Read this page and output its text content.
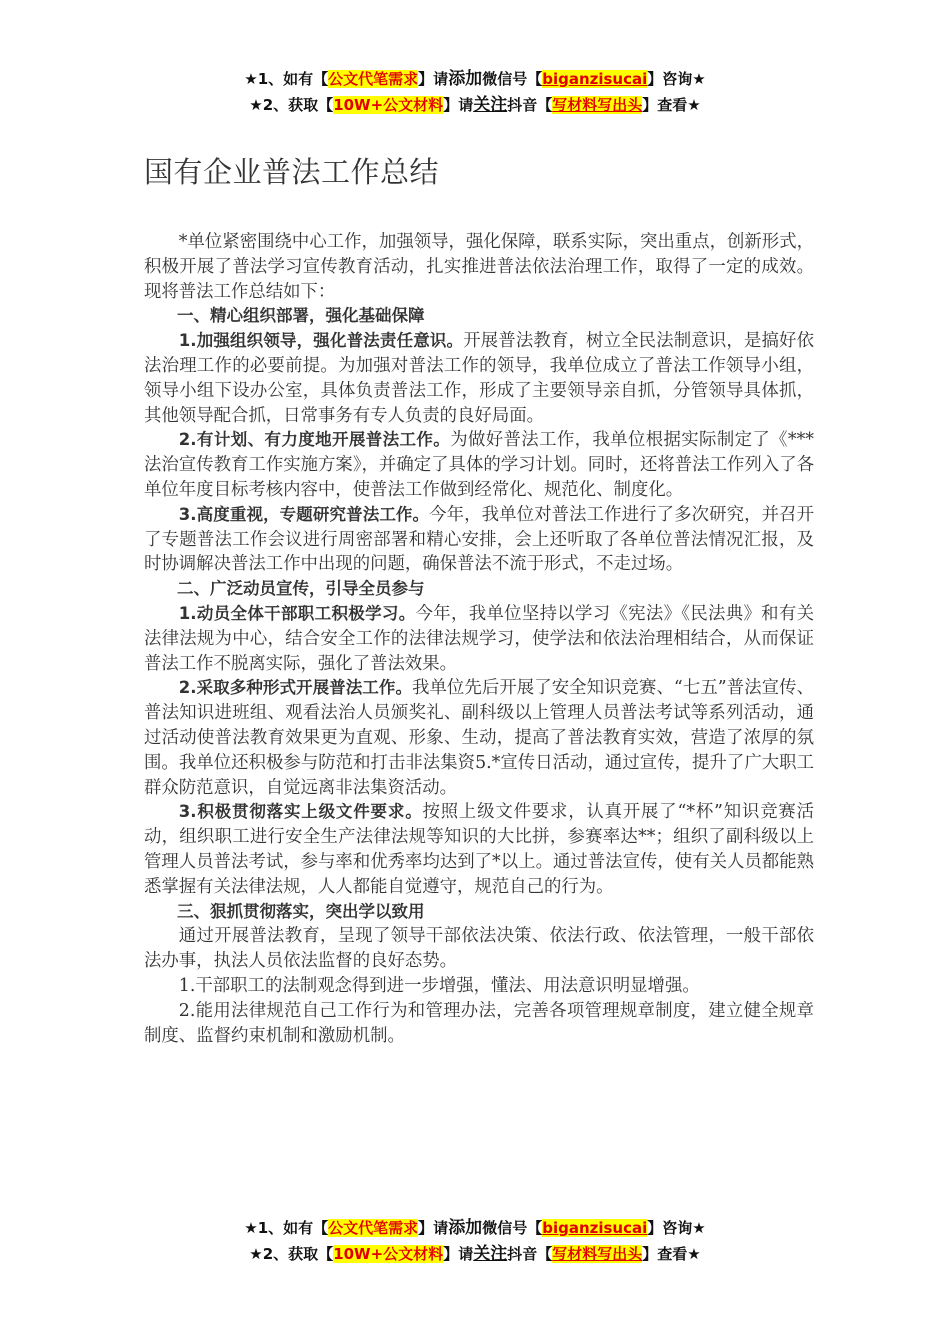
★1、如有【公文代笔需求】请添加微信号【biganzisucai】咨询★
★2、获取【10W+公文材料】请关注抖音【写材料写出头】查看★
国有企业普法工作总结

*单位紧密围绕中心工作，加强领导，强化保障，联系实际，突出重点，创新形式，积极开展了普法学习宣传教育活动，扎实推进普法依法治理工作，取得了一定的成效。现将普法工作总结如下：

一、精心组织部署，强化基础保障

1.加强组织领导，强化普法责任意识。开展普法教育，树立全民法制意识，是搞好依法治理工作的必要前提。为加强对普法工作的领导，我单位成立了普法工作领导小组，领导小组下设办公室，具体负责普法工作，形成了主要领导亲自抓，分管领导具体抓，其他领导配合抓，日常事务有专人负责的良好局面。

2.有计划、有力度地开展普法工作。为做好普法工作，我单位根据实际制定了《***法治宣传教育工作实施方案》，并确定了具体的学习计划。同时，还将普法工作列入了各单位年度目标考核内容中，使普法工作做到经常化、规范化、制度化。

3.高度重视，专题研究普法工作。今年，我单位对普法工作进行了多次研究，并召开了专题普法工作会议进行周密部署和精心安排，会上还听取了各单位普法情况汇报，及时协调解决普法工作中出现的问题，确保普法不流于形式，不走过场。

二、广泛动员宣传，引导全员参与

1.动员全体干部职工积极学习。今年，我单位坚持以学习《宪法》《民法典》和有关法律法规为中心，结合安全工作的法律法规学习，使学法和依法治理相结合，从而保证普法工作不脱离实际，强化了普法效果。

2.采取多种形式开展普法工作。我单位先后开展了安全知识竞赛、“七五”普法宣传、普法知识进班组、观看法治人员颁奖礼、副科级以上管理人员普法考试等系列活动，通过活动使普法教育效果更为直观、形象、生动，提高了普法教育实效，营造了浓厚的氛围。我单位还积极参与防范和打击非法集资5.*宣传日活动，通过宣传，提升了广大职工群众防范意识，自觉远离非法集资活动。

3.积极贯彻落实上级文件要求。按照上级文件要求，认真开展了“*杯”知识竞赛活动，组织职工进行安全生产法律法规等知识的大比拼，参赛率达**；组织了副科级以上管理人员普法考试，参与率和优秀率均达到了*以上。通过普法宣传，使有关人员都能熟悉掌握有关法律法规，人人都能自觉遵守，规范自己的行为。

三、狠抓贯彻落实，突出学以致用

通过开展普法教育，呈现了领导干部依法决策、依法行政、依法管理，一般干部依法办事，执法人员依法监督的良好态势。

1.干部职工的法制观念得到进一步增强，懂法、用法意识明显增强。

2.能用法律规范自己工作行为和管理办法，完善各项管理规章制度，建立健全规章制度、监督约束机制和激励机制。

★1、如有【公文代笔需求】请添加微信号【biganzisucai】咨询★
★2、获取【10W+公文材料】请关注抖音【写材料写出头】查看★
